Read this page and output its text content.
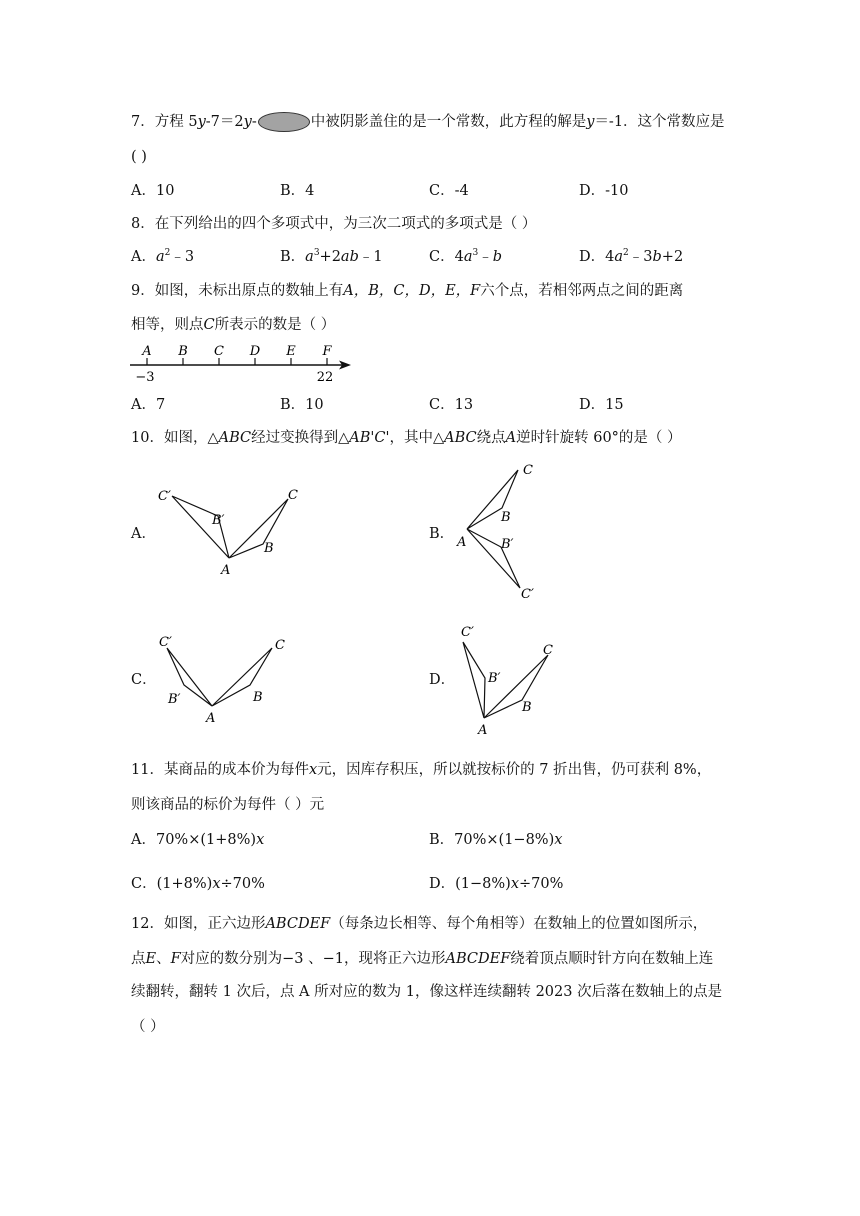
7．方程 5y-7＝2y-	中被阴影盖住的是一个常数，此方程的解是y＝-1．这个常数应是
( )
A．10	B．4	C．-4	D．-10
8．在下列给出的四个多项式中，为三次二项式的多项式是（ ）
A．$a^2﹣3$	B．$a^3+2ab﹣1$	C．$4a^3﹣b$	D．$4a^2﹣3b+2$
9．如图，未标出原点的数轴上有A，B，C，D，E，F六个点，若相邻两点之间的距离
相等，则点C所表示的数是（ ）
A B C D E F
−3	22
A．7	B．10	C．13	D．15
10．如图，△ABC经过变换得到△AB'C'，其中△ABC绕点A逆时针旋转 60°的是（ ）
A．	B．
C．	D．
C′
B′
C
B
A
C
B
A	B′
C′
C′
B′
A
B
C
C′
B′
C
B
A
11．某商品的成本价为每件x元，因库存积压，所以就按标价的 7 折出售，仍可获利 8%，
则该商品的标价为每件（ ）元
A．70%×(1+8%)x	B．70%×(1−8%)x
C．(1+8%)x÷70%	D．(1−8%)x÷70%
12．如图，正六边形ABCDEF（每条边长相等、每个角相等）在数轴上的位置如图所示，
点E、F对应的数分别为−3 、−1，现将正六边形ABCDEF绕着顶点顺时针方向在数轴上连
续翻转，翻转 1 次后，点 A 所对应的数为 1，像这样连续翻转 2023 次后落在数轴上的点是
（ ）
